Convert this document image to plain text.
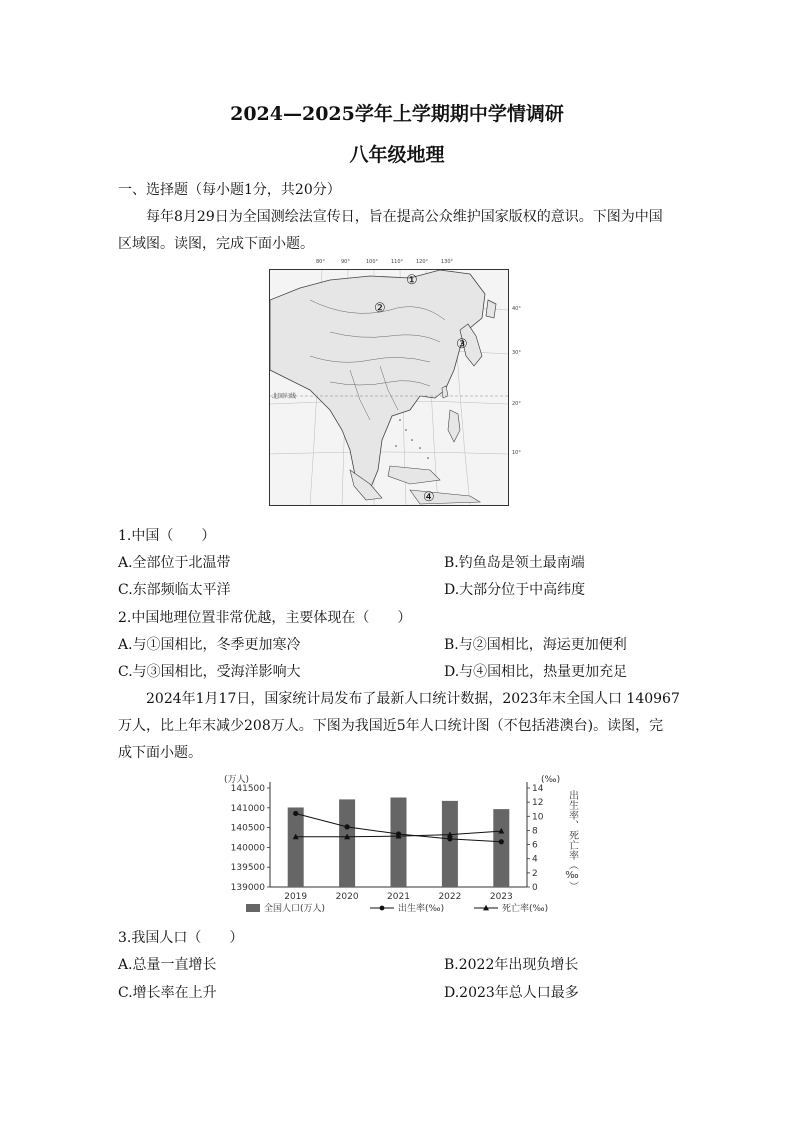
2024—2025学年上学期期中学情调研
八年级地理
一、选择题（每小题1分，共20分）
每年8月29日为全国测绘法宣传日，旨在提高公众维护国家版权的意识。下图为中国
区域图。读图，完成下面小题。
80°	90°	100°	110°	120°	130°
40°
30°
20°
10°
①
②
③
④
北回归线
1.中国（　　）
A.全部位于北温带	B.钓鱼岛是领土最南端
C.东部频临太平洋	D.大部分位于中高纬度
2.中国地理位置非常优越，主要体现在（　　）
A.与①国相比，冬季更加寒冷	B.与②国相比，海运更加便利
C.与③国相比，受海洋影响大	D.与④国相比，热量更加充足
2024年1月17日，国家统计局发布了最新人口统计数据，2023年末全国人口 140967
万人，比上年末减少208万人。下图为我国近5年人口统计图（不包括港澳台)。读图，完
成下面小题。
139000
139500
140000
140500
141000
141500
0
2
4
6
8
10
12
14
(万人)	(‰)
出生率、死亡率（‰）
2019	2020	2021	2022	2023
全国人口(万人)	出生率(‰)	死亡率(‰)
3.我国人口（　　）
A.总量一直增长	B.2022年出现负增长
C.增长率在上升	D.2023年总人口最多
